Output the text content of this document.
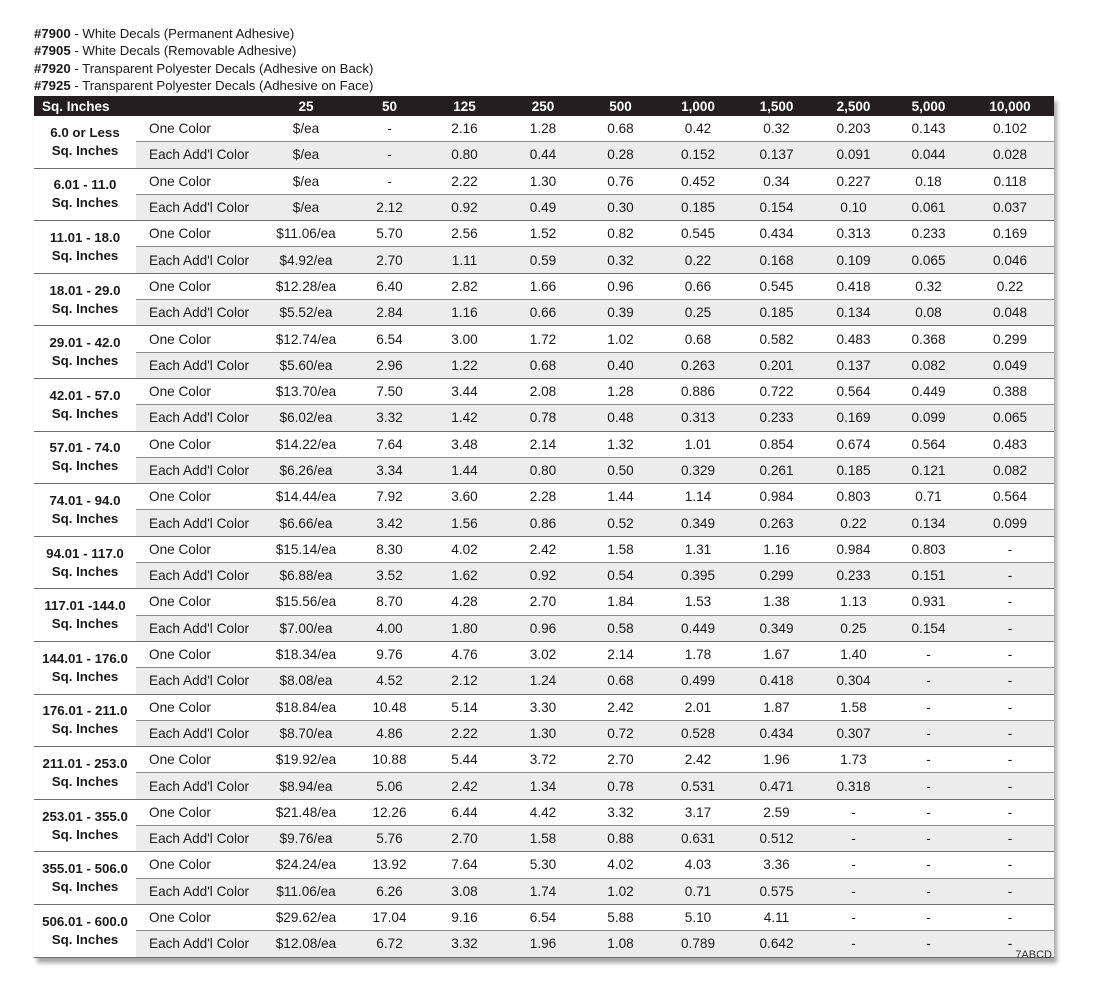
#7900 - White Decals (Permanent Adhesive)
#7905 - White Decals (Removable Adhesive)
#7920 - Transparent Polyester Decals (Adhesive on Back)
#7925 - Transparent Polyester Decals (Adhesive on Face)
Sq. Inches		25	50	125	250	500	1,000	1,500	2,500	5,000	10,000

6.0 or Less
Sq. Inches	One Color	$/ea	-	2.16	1.28	0.68	0.42	0.32	0.203	0.143	0.102
	Each Add'l Color	$/ea	-	0.80	0.44	0.28	0.152	0.137	0.091	0.044	0.028

6.01 - 11.0
Sq. Inches	One Color	$/ea	-	2.22	1.30	0.76	0.452	0.34	0.227	0.18	0.118
	Each Add'l Color	$/ea	2.12	0.92	0.49	0.30	0.185	0.154	0.10	0.061	0.037

11.01 - 18.0
Sq. Inches	One Color	$11.06/ea	5.70	2.56	1.52	0.82	0.545	0.434	0.313	0.233	0.169
	Each Add'l Color	$4.92/ea	2.70	1.11	0.59	0.32	0.22	0.168	0.109	0.065	0.046

18.01 - 29.0
Sq. Inches	One Color	$12.28/ea	6.40	2.82	1.66	0.96	0.66	0.545	0.418	0.32	0.22
	Each Add'l Color	$5.52/ea	2.84	1.16	0.66	0.39	0.25	0.185	0.134	0.08	0.048

29.01 - 42.0
Sq. Inches	One Color	$12.74/ea	6.54	3.00	1.72	1.02	0.68	0.582	0.483	0.368	0.299
	Each Add'l Color	$5.60/ea	2.96	1.22	0.68	0.40	0.263	0.201	0.137	0.082	0.049

42.01 - 57.0
Sq. Inches	One Color	$13.70/ea	7.50	3.44	2.08	1.28	0.886	0.722	0.564	0.449	0.388
	Each Add'l Color	$6.02/ea	3.32	1.42	0.78	0.48	0.313	0.233	0.169	0.099	0.065

57.01 - 74.0
Sq. Inches	One Color	$14.22/ea	7.64	3.48	2.14	1.32	1.01	0.854	0.674	0.564	0.483
	Each Add'l Color	$6.26/ea	3.34	1.44	0.80	0.50	0.329	0.261	0.185	0.121	0.082

74.01 - 94.0
Sq. Inches	One Color	$14.44/ea	7.92	3.60	2.28	1.44	1.14	0.984	0.803	0.71	0.564
	Each Add'l Color	$6.66/ea	3.42	1.56	0.86	0.52	0.349	0.263	0.22	0.134	0.099

94.01 - 117.0
Sq. Inches	One Color	$15.14/ea	8.30	4.02	2.42	1.58	1.31	1.16	0.984	0.803	-
	Each Add'l Color	$6.88/ea	3.52	1.62	0.92	0.54	0.395	0.299	0.233	0.151	-

117.01 -144.0
Sq. Inches	One Color	$15.56/ea	8.70	4.28	2.70	1.84	1.53	1.38	1.13	0.931	-
	Each Add'l Color	$7.00/ea	4.00	1.80	0.96	0.58	0.449	0.349	0.25	0.154	-

144.01 - 176.0
Sq. Inches	One Color	$18.34/ea	9.76	4.76	3.02	2.14	1.78	1.67	1.40	-	-
	Each Add'l Color	$8.08/ea	4.52	2.12	1.24	0.68	0.499	0.418	0.304	-	-

176.01 - 211.0
Sq. Inches	One Color	$18.84/ea	10.48	5.14	3.30	2.42	2.01	1.87	1.58	-	-
	Each Add'l Color	$8.70/ea	4.86	2.22	1.30	0.72	0.528	0.434	0.307	-	-

211.01 - 253.0
Sq. Inches	One Color	$19.92/ea	10.88	5.44	3.72	2.70	2.42	1.96	1.73	-	-
	Each Add'l Color	$8.94/ea	5.06	2.42	1.34	0.78	0.531	0.471	0.318	-	-

253.01 - 355.0
Sq. Inches	One Color	$21.48/ea	12.26	6.44	4.42	3.32	3.17	2.59	-	-	-
	Each Add'l Color	$9.76/ea	5.76	2.70	1.58	0.88	0.631	0.512	-	-	-

355.01 - 506.0
Sq. Inches	One Color	$24.24/ea	13.92	7.64	5.30	4.02	4.03	3.36	-	-	-
	Each Add'l Color	$11.06/ea	6.26	3.08	1.74	1.02	0.71	0.575	-	-	-

506.01 - 600.0
Sq. Inches	One Color	$29.62/ea	17.04	9.16	6.54	5.88	5.10	4.11	-	-	-
	Each Add'l Color	$12.08/ea	6.72	3.32	1.96	1.08	0.789	0.642	-	-	-
7ABCD
